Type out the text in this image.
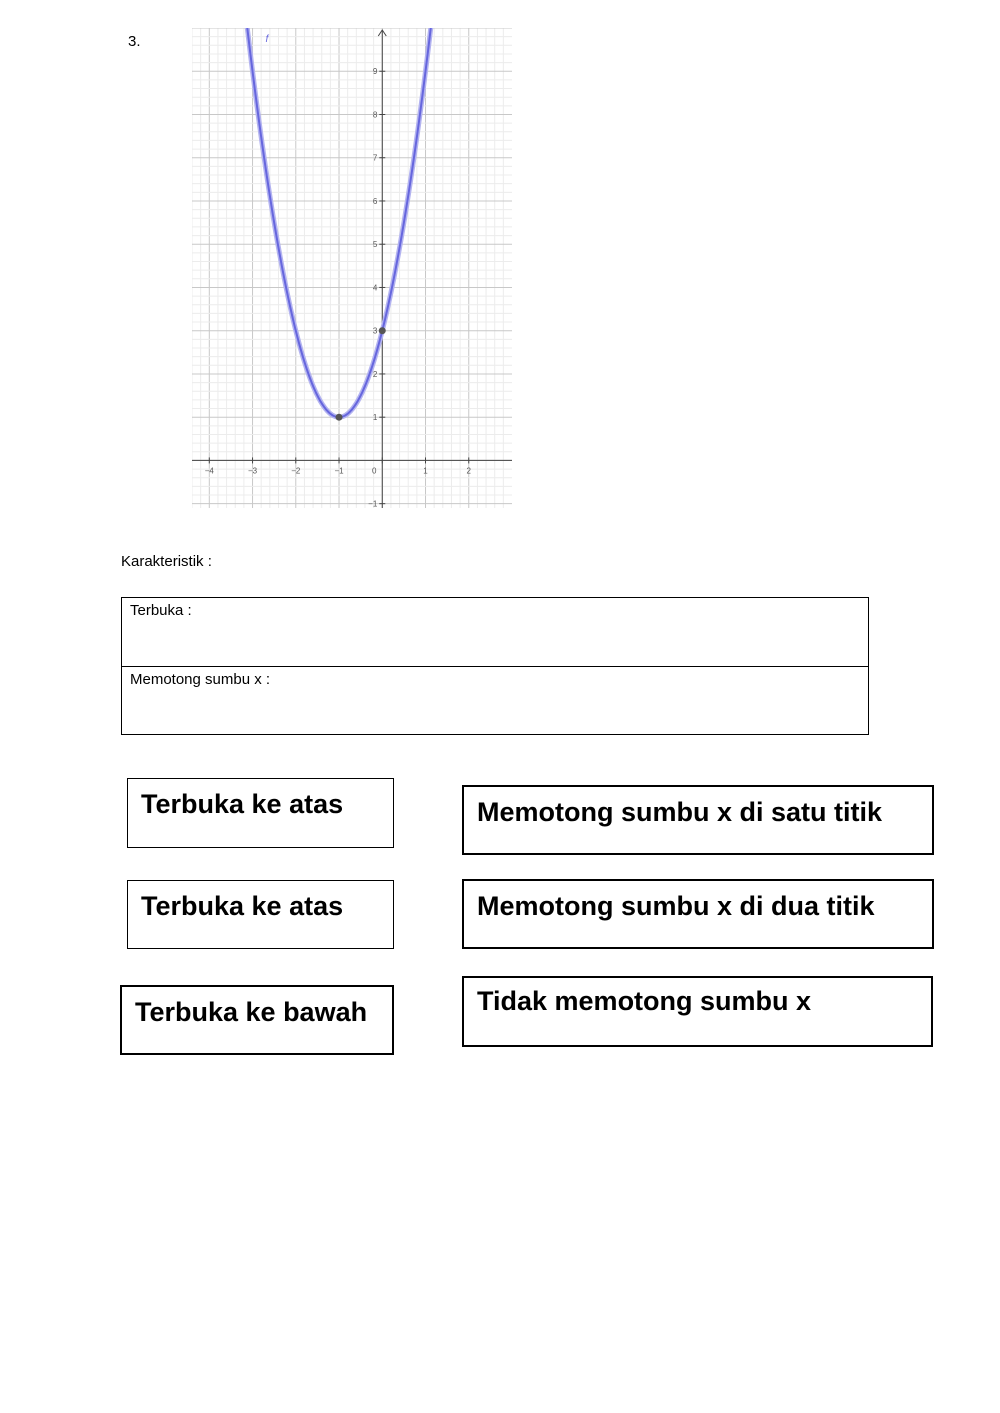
3.
−4	−3	−2	−1	0	1	2
−1
1
2
3
4
5
6
7
8
9
f
Karakteristik :
Terbuka :
Memotong sumbu x :
Terbuka ke atas	Memotong sumbu x di satu titik
Terbuka ke atas	Memotong sumbu x di dua titik
Terbuka ke bawah	Tidak memotong sumbu x
